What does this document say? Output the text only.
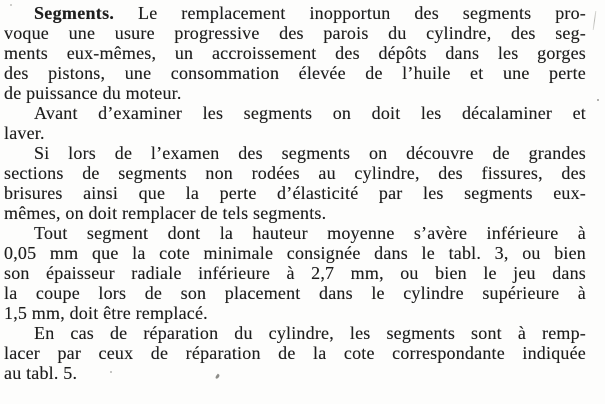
Segments. Le remplacement inopportun des segments pro-

voque une usure progressive des parois du cylindre, des seg-

ments eux-mêmes, un accroissement des dépôts dans les gorges

des pistons, une consommation élevée de l’huile et une perte

de puissance du moteur.

Avant d’examiner les segments on doit les décalaminer et

laver.

Si lors de l’examen des segments on découvre de grandes

sections de segments non rodées au cylindre, des fissures, des

brisures ainsi que la perte d’élasticité par les segments eux-

mêmes, on doit remplacer de tels segments.

Tout segment dont la hauteur moyenne s’avère inférieure à

0,05 mm que la cote minimale consignée dans le tabl. 3, ou bien

son épaisseur radiale inférieure à 2,7 mm, ou bien le jeu dans

la coupe lors de son placement dans le cylindre supérieure à

1,5 mm, doit être remplacé.

En cas de réparation du cylindre, les segments sont à remp-

lacer par ceux de réparation de la cote correspondante indiquée

au tabl. 5.
